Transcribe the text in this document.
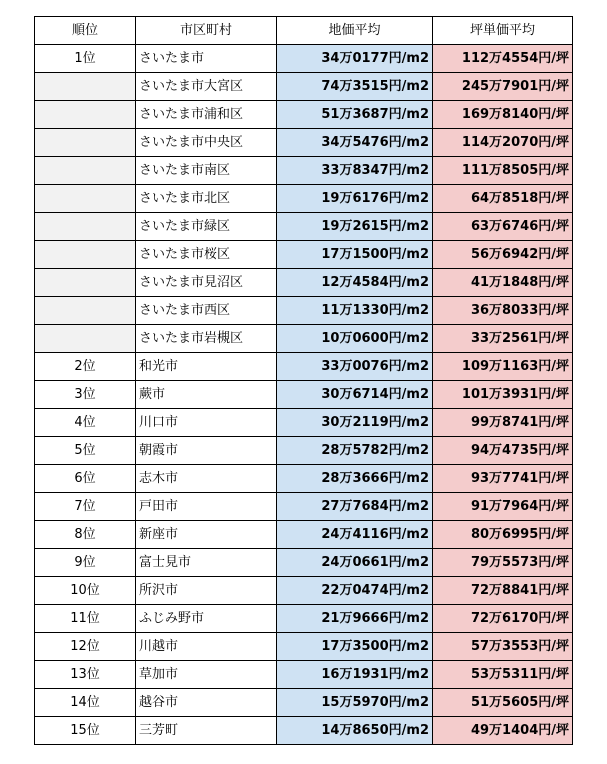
順位	市区町村	地価平均	坪単価平均
1位	さいたま市	34万0177円/m2	112万4554円/坪
	さいたま市大宮区	74万3515円/m2	245万7901円/坪
	さいたま市浦和区	51万3687円/m2	169万8140円/坪
	さいたま市中央区	34万5476円/m2	114万2070円/坪
	さいたま市南区	33万8347円/m2	111万8505円/坪
	さいたま市北区	19万6176円/m2	64万8518円/坪
	さいたま市緑区	19万2615円/m2	63万6746円/坪
	さいたま市桜区	17万1500円/m2	56万6942円/坪
	さいたま市見沼区	12万4584円/m2	41万1848円/坪
	さいたま市西区	11万1330円/m2	36万8033円/坪
	さいたま市岩槻区	10万0600円/m2	33万2561円/坪
2位	和光市	33万0076円/m2	109万1163円/坪
3位	蕨市	30万6714円/m2	101万3931円/坪
4位	川口市	30万2119円/m2	99万8741円/坪
5位	朝霞市	28万5782円/m2	94万4735円/坪
6位	志木市	28万3666円/m2	93万7741円/坪
7位	戸田市	27万7684円/m2	91万7964円/坪
8位	新座市	24万4116円/m2	80万6995円/坪
9位	富士見市	24万0661円/m2	79万5573円/坪
10位	所沢市	22万0474円/m2	72万8841円/坪
11位	ふじみ野市	21万9666円/m2	72万6170円/坪
12位	川越市	17万3500円/m2	57万3553円/坪
13位	草加市	16万1931円/m2	53万5311円/坪
14位	越谷市	15万5970円/m2	51万5605円/坪
15位	三芳町	14万8650円/m2	49万1404円/坪
